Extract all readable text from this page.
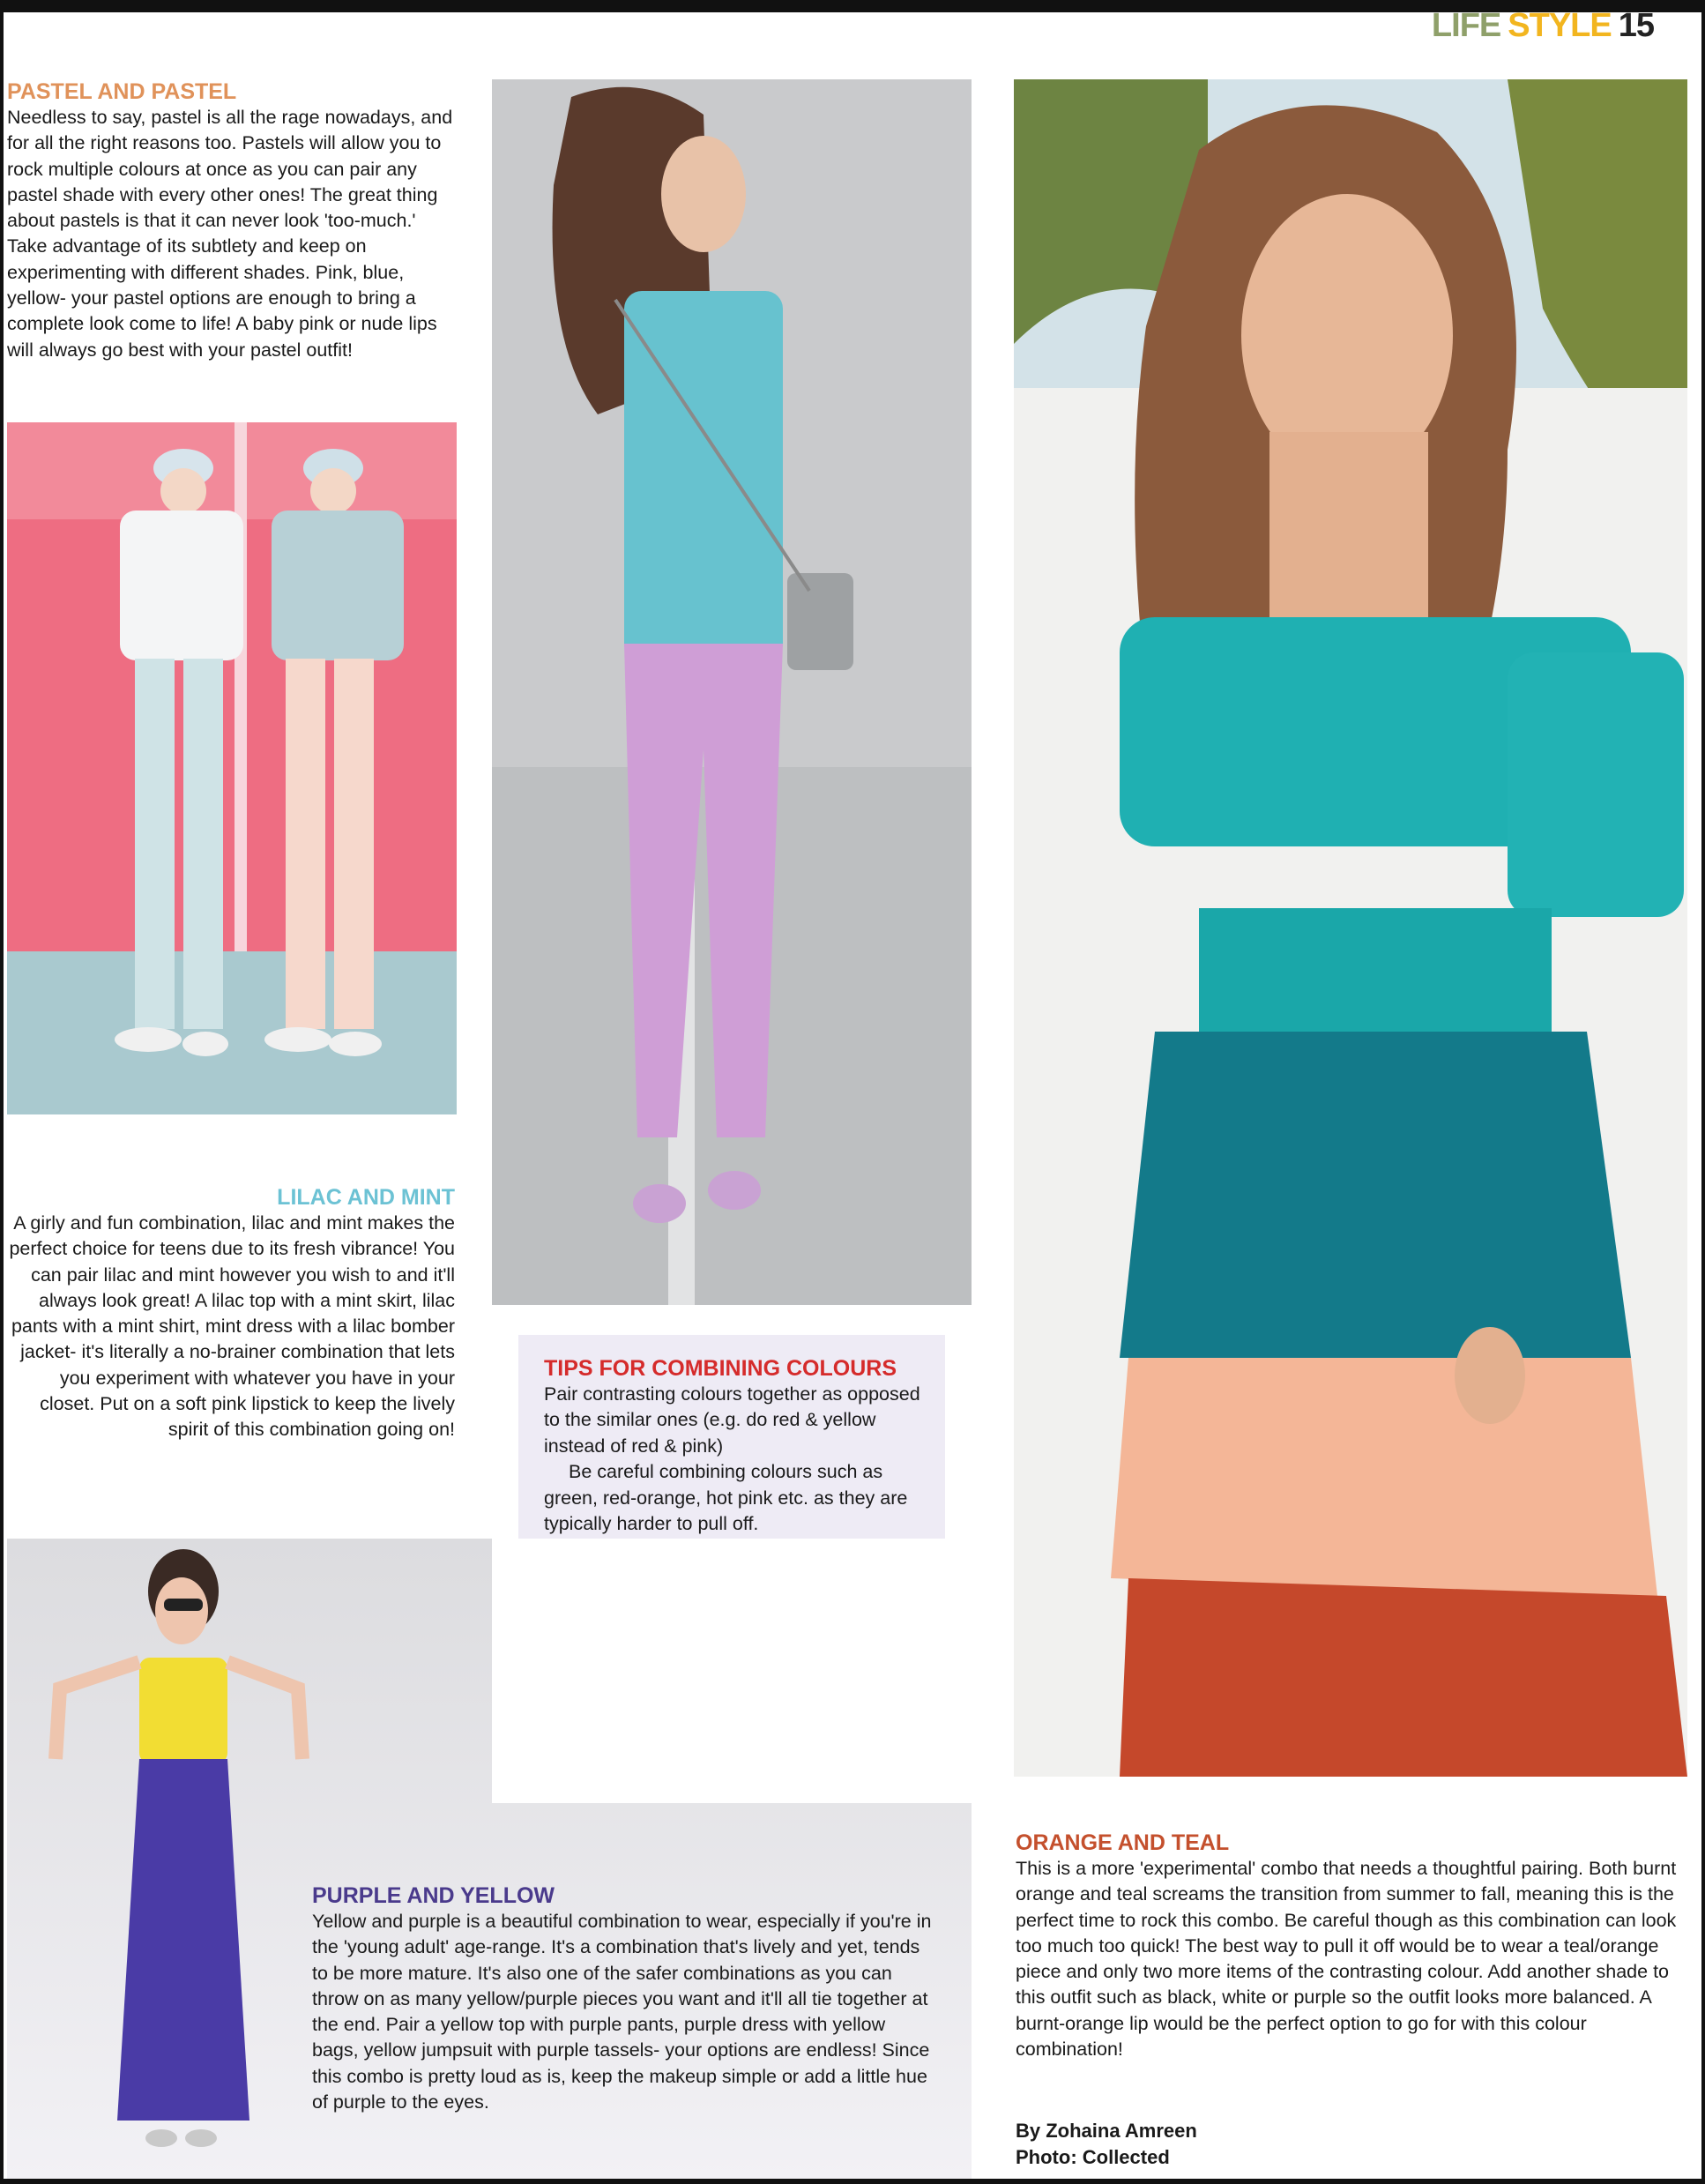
LIFE STYLE 15
PASTEL AND PASTEL

Needless to say, pastel is all the rage nowadays, and for all the right reasons too. Pastels will allow you to rock multiple colours at once as you can pair any pastel shade with every other ones! The great thing about pastels is that it can never look 'too-much.' Take advantage of its subtlety and keep on experimenting with different shades. Pink, blue, yellow- your pastel options are enough to bring a complete look come to life! A baby pink or nude lips will always go best with your pastel outfit!

LILAC AND MINT

A girly and fun combination, lilac and mint makes the perfect choice for teens due to its fresh vibrance! You can pair lilac and mint however you wish to and it'll always look great! A lilac top with a mint skirt, lilac pants with a mint shirt, mint dress with a lilac bomber jacket- it's literally a no-brainer combination that lets you experiment with whatever you have in your closet. Put on a soft pink lipstick to keep the lively spirit of this combination going on!

TIPS FOR COMBINING COLOURS

Pair contrasting colours together as opposed to the similar ones (e.g. do red & yellow instead of red & pink)

Be careful combining colours such as green, red-orange, hot pink etc. as they are typically harder to pull off.

PURPLE AND YELLOW

Yellow and purple is a beautiful combination to wear, especially if you're in the 'young adult' age-range. It's a combination that's lively and yet, tends to be more mature. It's also one of the safer combinations as you can throw on as many yellow/purple pieces you want and it'll all tie together at the end. Pair a yellow top with purple pants, purple dress with yellow bags, yellow jumpsuit with purple tassels- your options are endless! Since this combo is pretty loud as is, keep the makeup simple or add a little hue of purple to the eyes.

ORANGE AND TEAL

This is a more 'experimental' combo that needs a thoughtful pairing. Both burnt orange and teal screams the transition from summer to fall, meaning this is the perfect time to rock this combo. Be careful though as this combination can look too much too quick! The best way to pull it off would be to wear a teal/orange piece and only two more items of the contrasting colour. Add another shade to this outfit such as black, white or purple so the outfit looks more balanced. A burnt-orange lip would be the perfect option to go for with this colour combination!

By Zohaina Amreen
Photo: Collected
